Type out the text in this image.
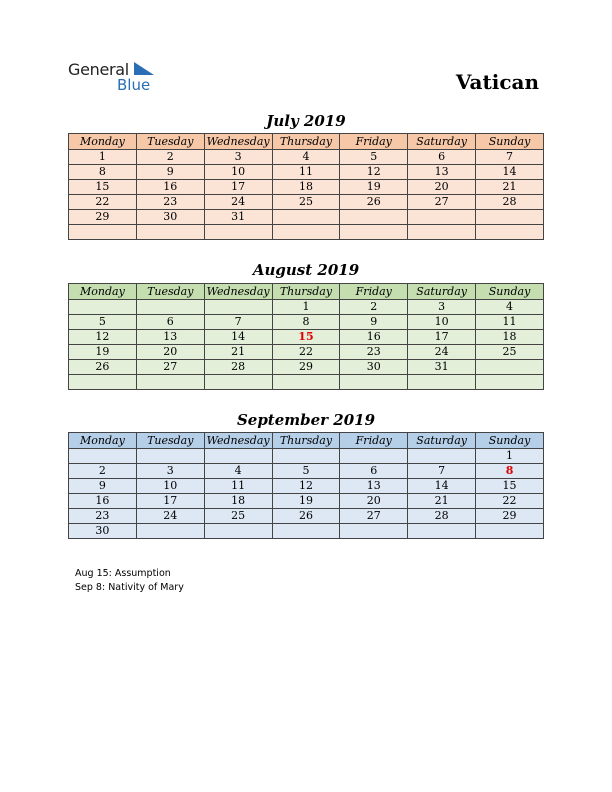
General
Blue	Vatican
July 2019
Monday	Tuesday	Wednesday	Thursday	Friday	Saturday	Sunday
1	2	3	4	5	6	7
8	9	10	11	12	13	14
15	16	17	18	19	20	21
22	23	24	25	26	27	28
29	30	31				

August 2019
Monday	Tuesday	Wednesday	Thursday	Friday	Saturday	Sunday
			1	2	3	4
5	6	7	8	9	10	11
12	13	14	15	16	17	18
19	20	21	22	23	24	25
26	27	28	29	30	31	

September 2019
Monday	Tuesday	Wednesday	Thursday	Friday	Saturday	Sunday
						1
2	3	4	5	6	7	8
9	10	11	12	13	14	15
16	17	18	19	20	21	22
23	24	25	26	27	28	29
30						
Aug 15: Assumption
Sep 8: Nativity of Mary
